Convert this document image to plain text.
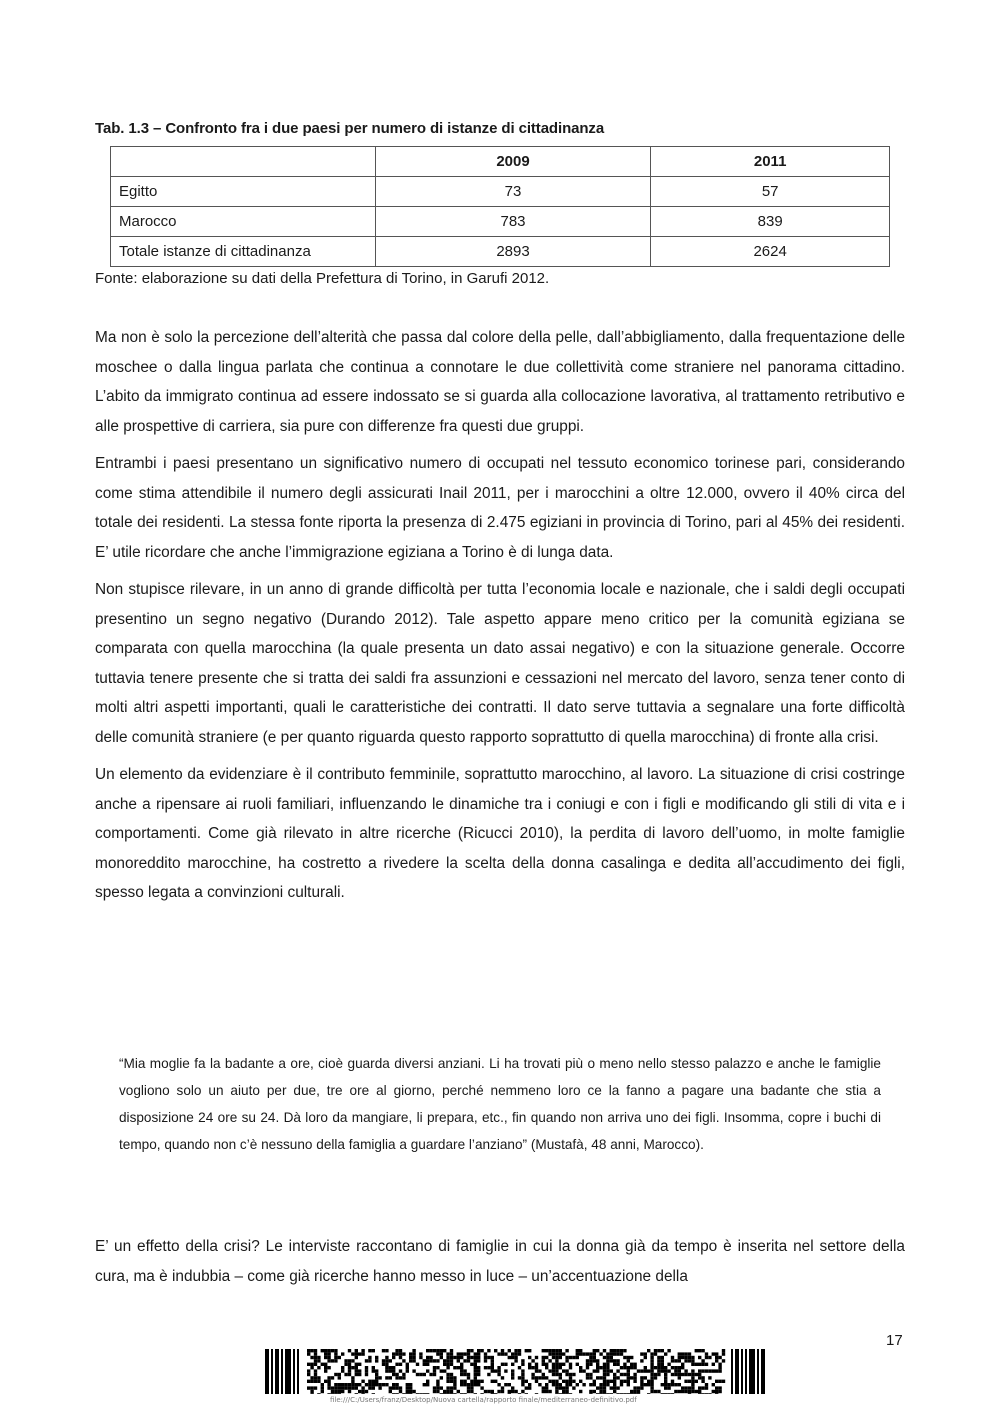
Tab. 1.3 – Confronto fra i due paesi per numero di istanze di cittadinanza
	2009	2011
Egitto	73	57
Marocco	783	839
Totale istanze di cittadinanza	2893	2624
Fonte: elaborazione su dati della Prefettura di Torino, in Garufi 2012.

Ma non è solo la percezione dell’alterità che passa dal colore della pelle, dall’abbigliamento, dalla frequentazione delle moschee o dalla lingua parlata che continua a connotare le due collettività come straniere nel panorama cittadino. L’abito da immigrato continua ad essere indossato se si guarda alla collocazione lavorativa, al trattamento retributivo e alle prospettive di carriera, sia pure con differenze fra questi due gruppi.

Entrambi i paesi presentano un significativo numero di occupati nel tessuto economico torinese pari, considerando come stima attendibile il numero degli assicurati Inail 2011, per i marocchini a oltre 12.000, ovvero il 40% circa del totale dei residenti. La stessa fonte riporta la presenza di 2.475 egiziani in provincia di Torino, pari al 45% dei residenti. E’ utile ricordare che anche l’immigrazione egiziana a Torino è di lunga data.

Non stupisce rilevare, in un anno di grande difficoltà per tutta l’economia locale e nazionale, che i saldi degli occupati presentino un segno negativo (Durando 2012). Tale aspetto appare meno critico per la comunità egiziana se comparata con quella marocchina (la quale presenta un dato assai negativo) e con la situazione generale. Occorre tuttavia tenere presente che si tratta dei saldi fra assunzioni e cessazioni nel mercato del lavoro, senza tener conto di molti altri aspetti importanti, quali le caratteristiche dei contratti. Il dato serve tuttavia a segnalare una forte difficoltà delle comunità straniere (e per quanto riguarda questo rapporto soprattutto di quella marocchina) di fronte alla crisi.

Un elemento da evidenziare è il contributo femminile, soprattutto marocchino, al lavoro. La situazione di crisi costringe anche a ripensare ai ruoli familiari, influenzando le dinamiche tra i coniugi e con i figli e modificando gli stili di vita e i comportamenti. Come già rilevato in altre ricerche (Ricucci 2010), la perdita di lavoro dell’uomo, in molte famiglie monoreddito marocchine, ha costretto a rivedere la scelta della donna casalinga e dedita all’accudimento dei figli, spesso legata a convinzioni culturali.

“Mia moglie fa la badante a ore, cioè guarda diversi anziani. Li ha trovati più o meno nello stesso palazzo e anche le famiglie vogliono solo un aiuto per due, tre ore al giorno, perché nemmeno loro ce la fanno a pagare una badante che stia a disposizione 24 ore su 24. Dà loro da mangiare, li prepara, etc., fin quando non arriva uno dei figli. Insomma, copre i buchi di tempo, quando non c’è nessuno della famiglia a guardare l’anziano” (Mustafà, 48 anni, Marocco).

E’ un effetto della crisi? Le interviste raccontano di famiglie in cui la donna già da tempo è inserita nel settore della cura, ma è indubbia – come già ricerche hanno messo in luce – un’accentuazione della

17
file:///C:/Users/franz/Desktop/Nuova cartella/rapporto finale/mediterraneo-definitivo.pdf
